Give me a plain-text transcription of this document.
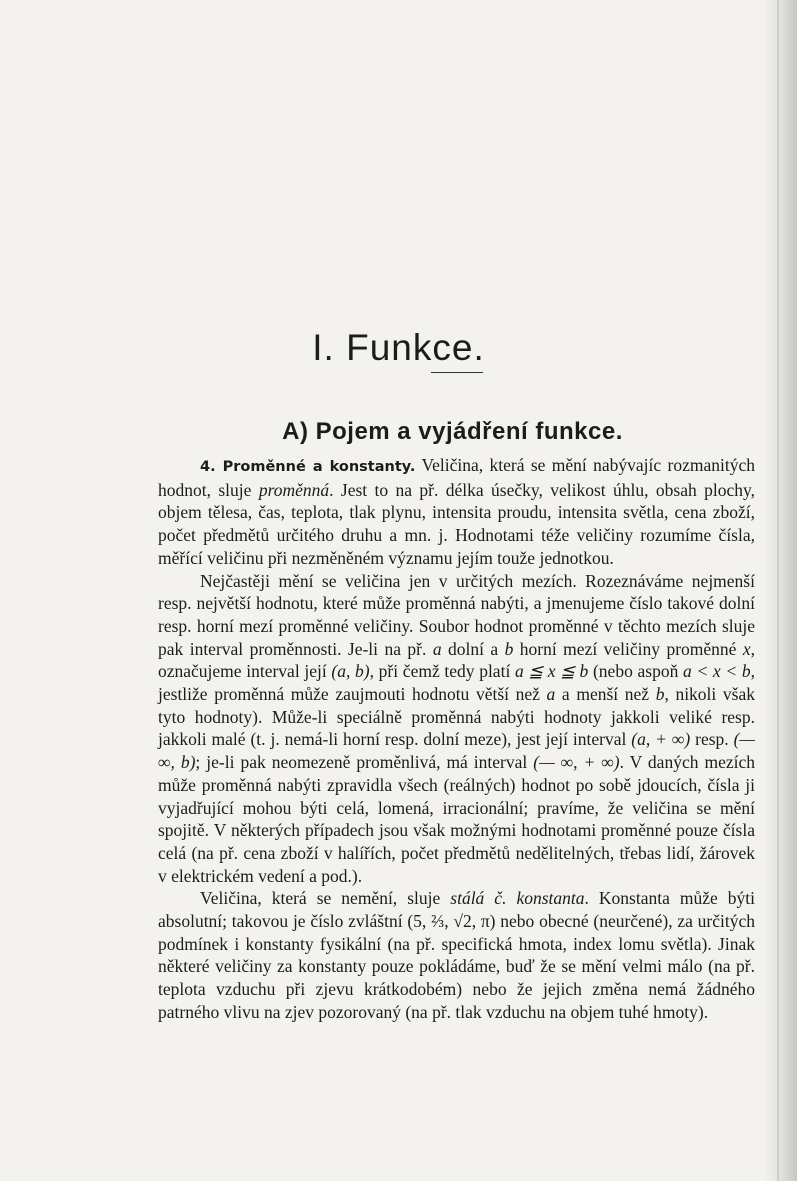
I. Funkce.
A) Pojem a vyjádření funkce.

4. Proměnné a konstanty. Veličina, která se mění nabývajíc rozmanitých hodnot, sluje proměnná. Jest to na př. délka úsečky, velikost úhlu, obsah plochy, objem tělesa, čas, teplota, tlak plynu, intensita proudu, intensita světla, cena zboží, počet předmětů určitého druhu a mn. j. Hodnotami téže veličiny rozumíme čísla, měřící veličinu při nezměněném významu jejím touže jednotkou.

Nejčastěji mění se veličina jen v určitých mezích. Rozeznáváme nejmenší resp. největší hodnotu, které může proměnná nabýti, a jmenujeme číslo takové dolní resp. horní mezí proměnné veličiny. Soubor hodnot proměnné v těchto mezích sluje pak interval proměnnosti. Je-li na př. a dolní a b horní mezí veličiny proměnné x, označujeme interval její (a, b), při čemž tedy platí a ≦ x ≦ b (nebo aspoň a < x < b, jestliže proměnná může zaujmouti hodnotu větší než a a menší než b, nikoli však tyto hodnoty). Může-li speciálně proměnná nabýti hodnoty jakkoli veliké resp. jakkoli malé (t. j. nemá-li horní resp. dolní meze), jest její interval (a, + ∞) resp. (— ∞, b); je-li pak neomezeně proměnlivá, má interval (— ∞, + ∞). V daných mezích může proměnná nabýti zpravidla všech (reálných) hodnot po sobě jdoucích, čísla ji vyjadřující mohou býti celá, lomená, irracionální; pravíme, že veličina se mění spojitě. V některých případech jsou však možnými hodnotami proměnné pouze čísla celá (na př. cena zboží v halířích, počet předmětů nedělitelných, třebas lidí, žárovek v elektrickém vedení a pod.).

Veličina, která se nemění, sluje stálá č. konstanta. Konstanta může býti absolutní; takovou je číslo zvláštní (5, ⅔, √2, π) nebo obecné (neurčené), za určitých podmínek i konstanty fysikální (na př. specifická hmota, index lomu světla). Jinak některé veličiny za konstanty pouze pokládáme, buď že se mění velmi málo (na př. teplota vzduchu při zjevu krátkodobém) nebo že jejich změna nemá žádného patrného vlivu na zjev pozorovaný (na př. tlak vzduchu na objem tuhé hmoty).
